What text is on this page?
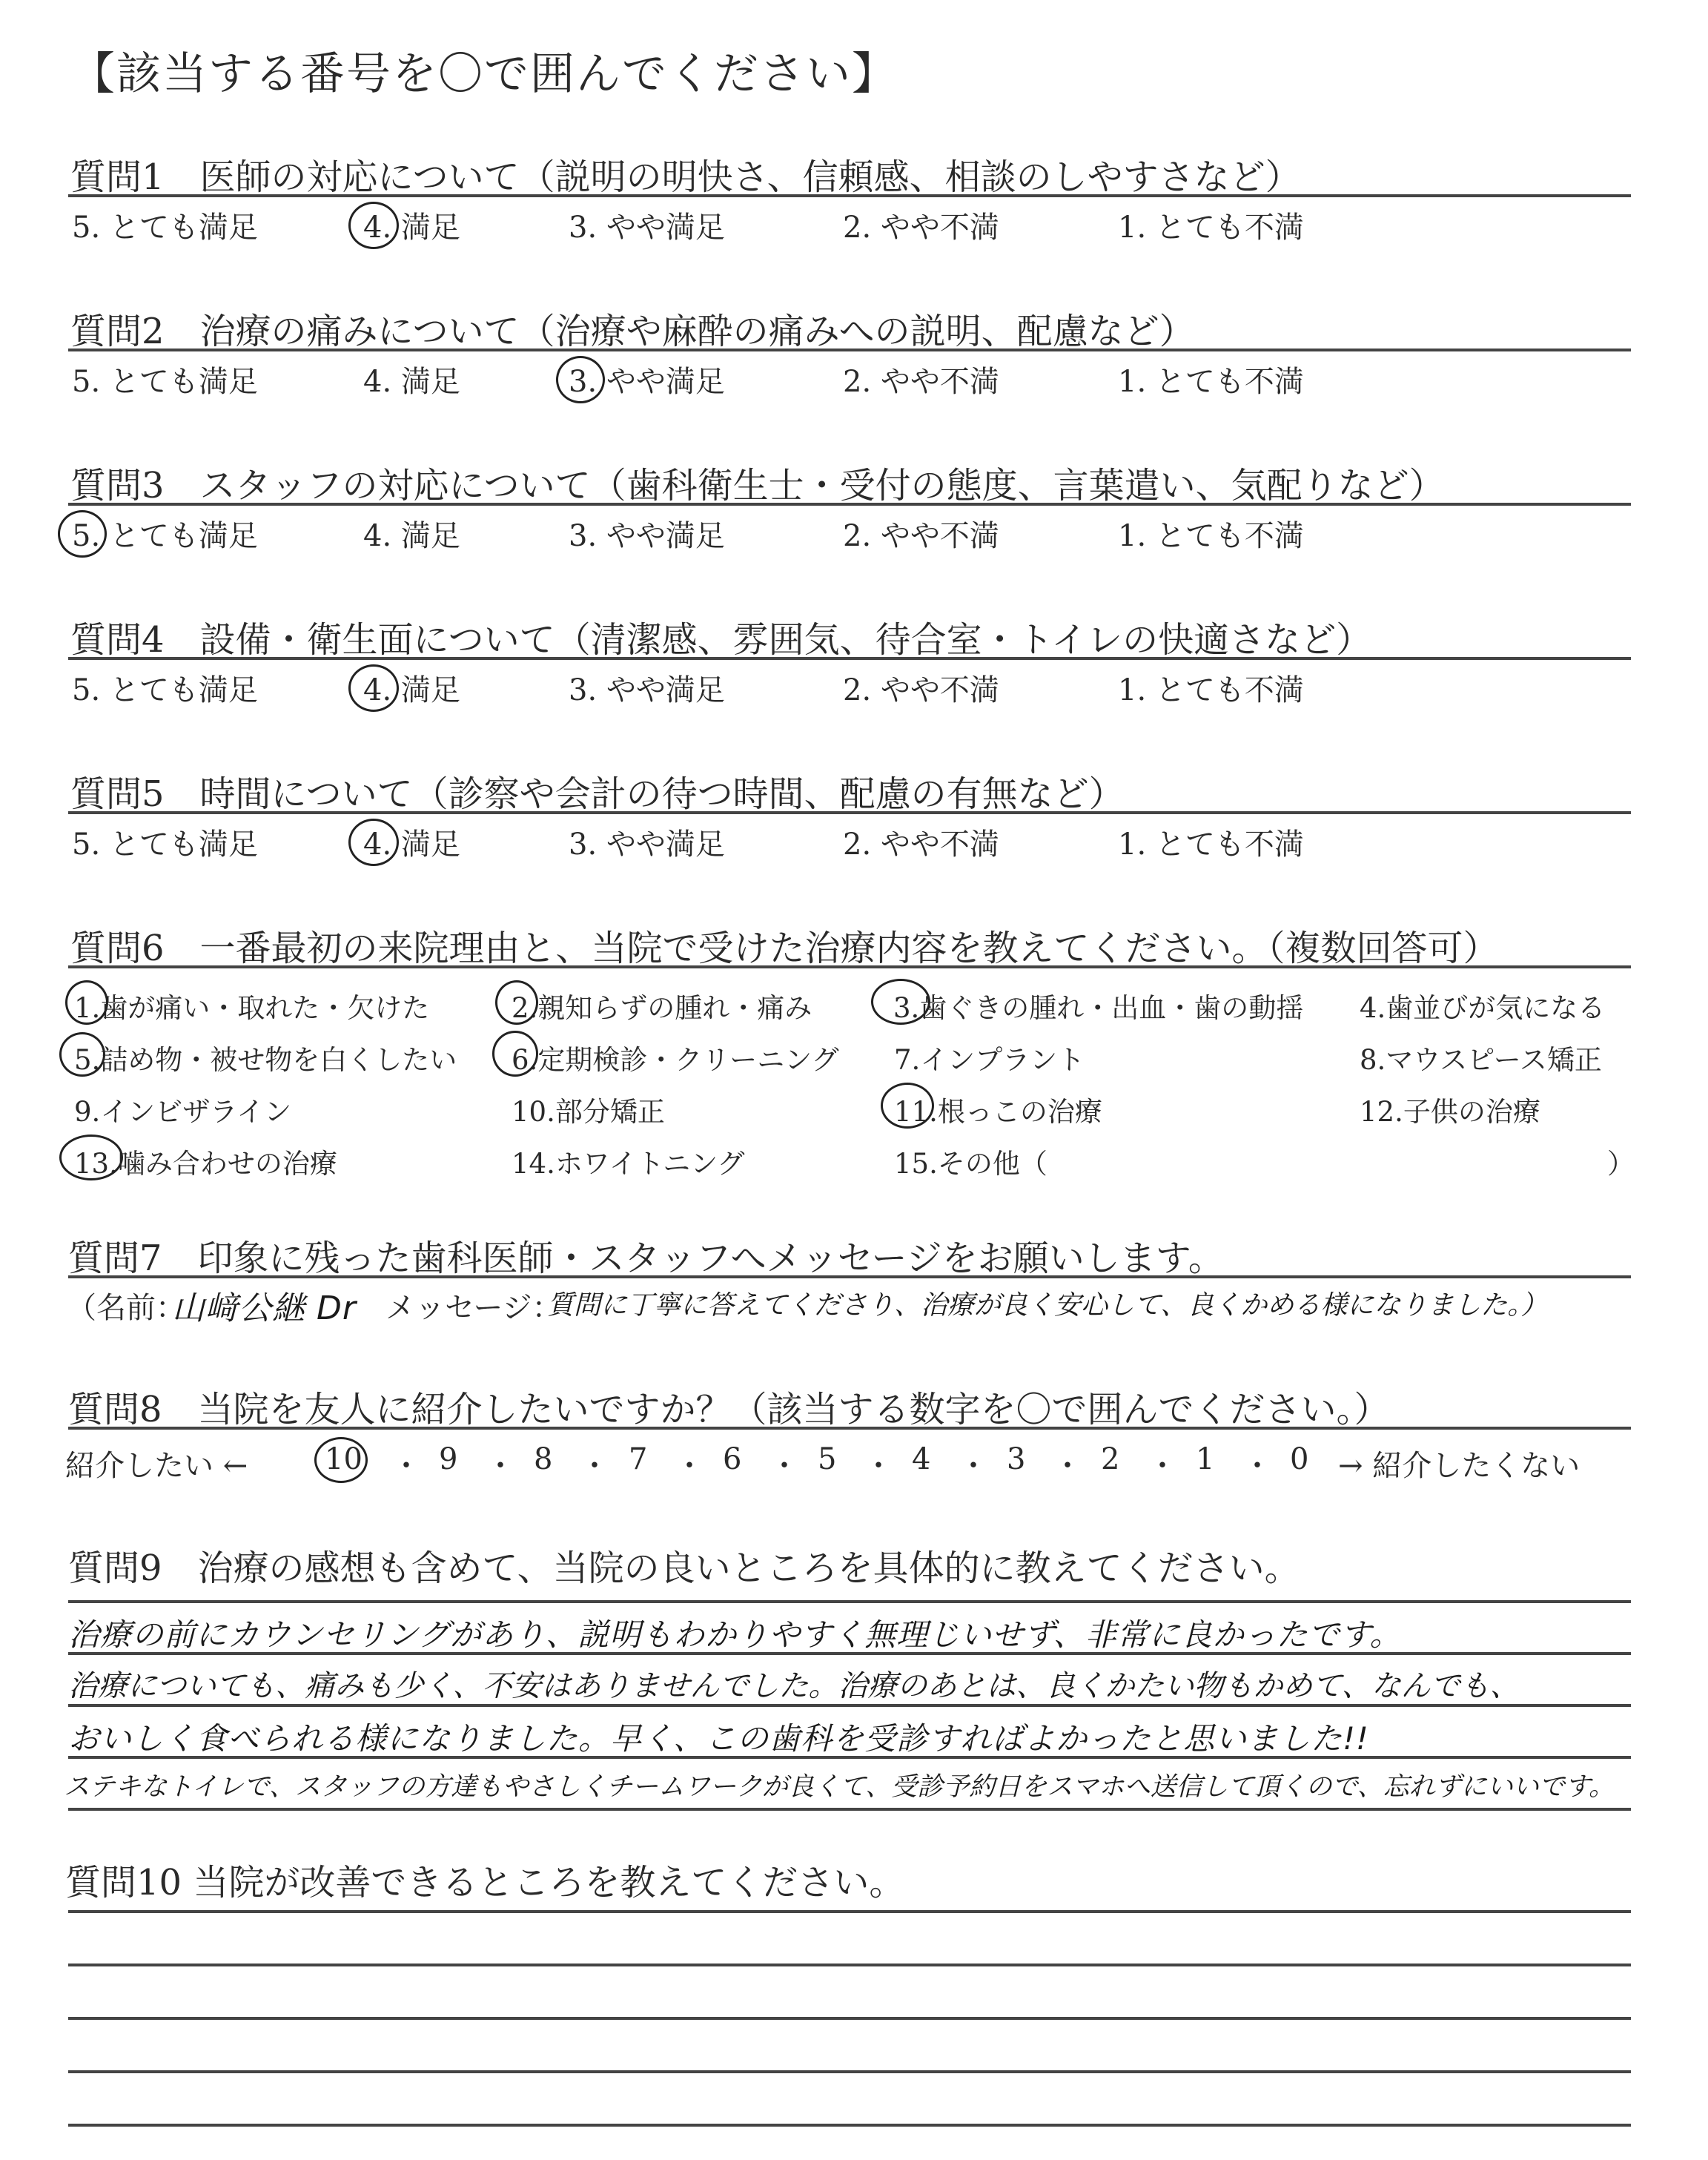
【該当する番号を〇で囲んでください】
質問1　医師の対応について（説明の明快さ、信頼感、相談のしやすさなど）
5. とても満足	4. 満足	3. やや満足	2. やや不満	1. とても不満
質問2　治療の痛みについて（治療や麻酔の痛みへの説明、配慮など）
5. とても満足	4. 満足	3. やや満足	2. やや不満	1. とても不満
質問3　スタッフの対応について（歯科衛生士・受付の態度、言葉遣い、気配りなど）
5. とても満足	4. 満足	3. やや満足	2. やや不満	1. とても不満
質問4　設備・衛生面について（清潔感、雰囲気、待合室・トイレの快適さなど）
5. とても満足	4. 満足	3. やや満足	2. やや不満	1. とても不満
質問5　時間について（診察や会計の待つ時間、配慮の有無など）
5. とても満足	4. 満足	3. やや満足	2. やや不満	1. とても不満
質問6　一番最初の来院理由と、当院で受けた治療内容を教えてください。（複数回答可）
1.歯が痛い・取れた・欠けた	2.親知らずの腫れ・痛み	3.歯ぐきの腫れ・出血・歯の動揺 4.歯並びが気になる
5.詰め物・被せ物を白くしたい 6.定期検診・クリーニング 7.インプラント	8.マウスピース矯正
9.インビザライン	10.部分矯正	11.根っこの治療	12.子供の治療
13.噛み合わせの治療	14.ホワイトニング	15.その他（	）
質問7　印象に残った歯科医師・スタッフへメッセージをお願いします。
（名前：
山﨑公継 Dr メッセージ：
質問に丁寧に答えてくださり、治療が良く安心して、良くかめる様になりました。）
質問8　当院を友人に紹介したいですか？（該当する数字を〇で囲んでください。）
紹介したい ←	10 ・ 9 ・ 8 ・ 7 ・ 6 ・ 5 ・ 4 ・ 3 ・ 2 ・ 1 ・ 0 → 紹介したくない
質問9　治療の感想も含めて、当院の良いところを具体的に教えてください。
治療の前にカウンセリングがあり、説明もわかりやすく無理じいせず、非常に良かったです。
治療についても、痛みも少く、不安はありませんでした。治療のあとは、良くかたい物もかめて、なんでも、
おいしく食べられる様になりました。早く、この歯科を受診すればよかったと思いました!!
ステキなトイレで、スタッフの方達もやさしくチームワークが良くて、受診予約日をスマホへ送信して頂くので、忘れずにいいです。
質問10 当院が改善できるところを教えてください。
